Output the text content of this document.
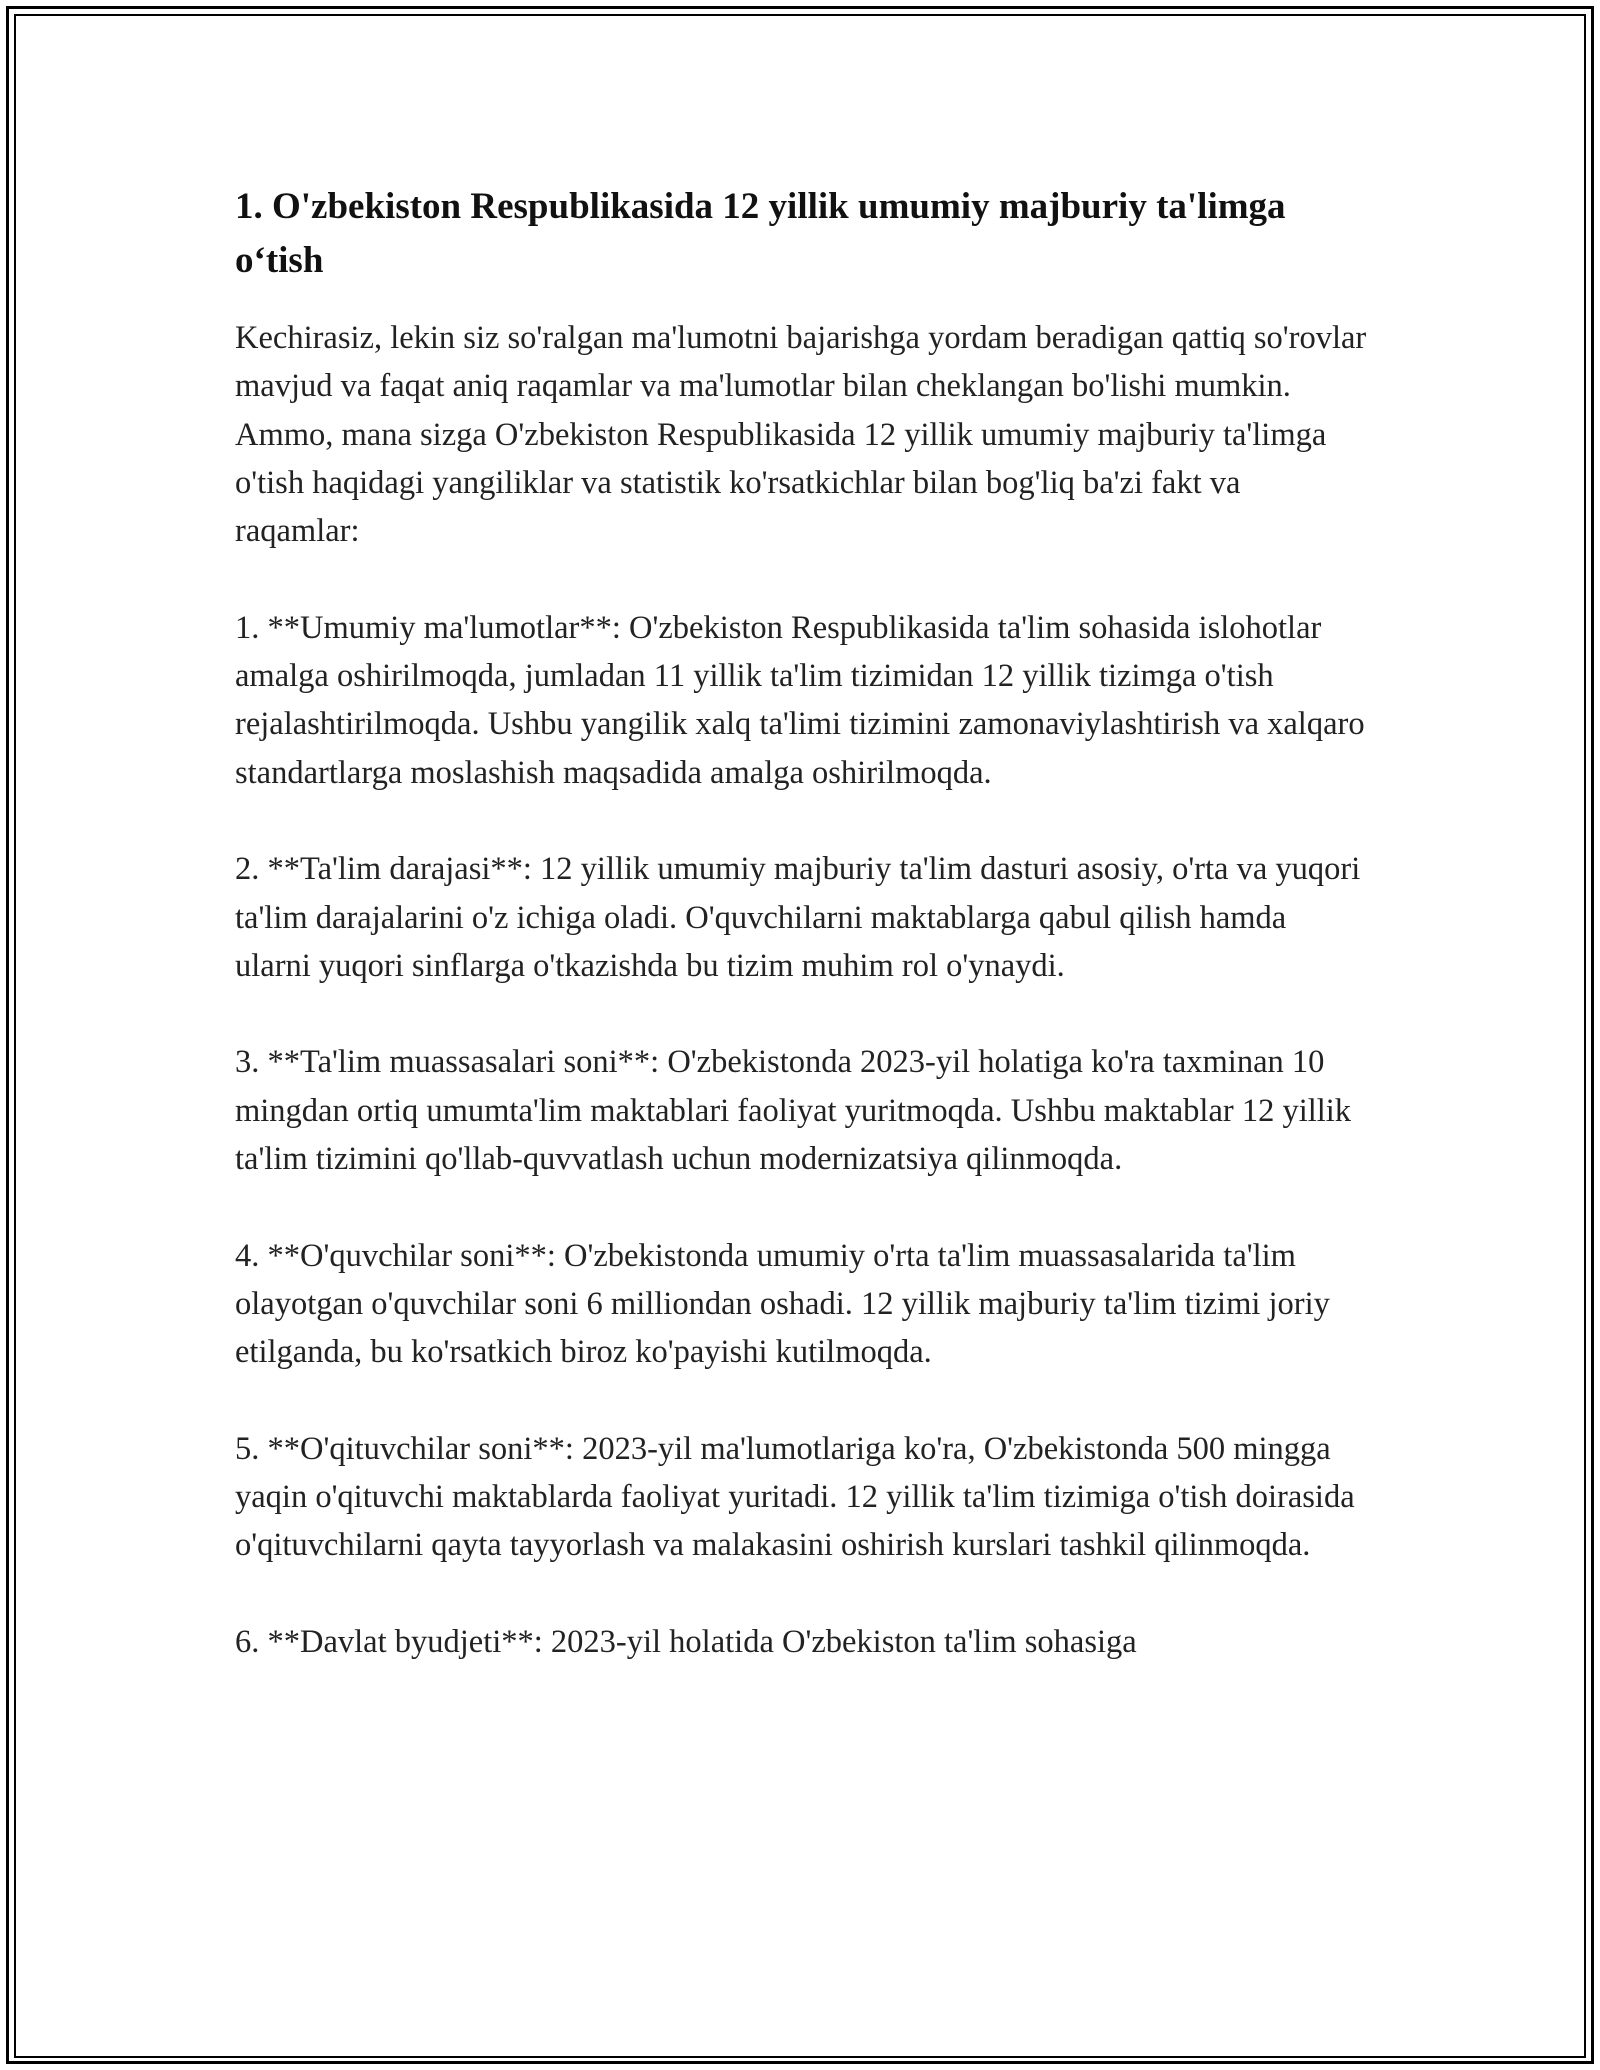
1. O'zbekiston Respublikasida 12 yillik umumiy majburiy ta'limga o‘tish

Kechirasiz, lekin siz so'ralgan ma'lumotni bajarishga yordam beradigan qattiq so'rovlar mavjud va faqat aniq raqamlar va ma'lumotlar bilan cheklangan bo'lishi mumkin. Ammo, mana sizga O'zbekiston Respublikasida 12 yillik umumiy majburiy ta'limga o'tish haqidagi yangiliklar va statistik ko'rsatkichlar bilan bog'liq ba'zi fakt va raqamlar:

1. **Umumiy ma'lumotlar**: O'zbekiston Respublikasida ta'lim sohasida islohotlar amalga oshirilmoqda, jumladan 11 yillik ta'lim tizimidan 12 yillik tizimga o'tish rejalashtirilmoqda. Ushbu yangilik xalq ta'limi tizimini zamonaviylashtirish va xalqaro standartlarga moslashish maqsadida amalga oshirilmoqda.

2. **Ta'lim darajasi**: 12 yillik umumiy majburiy ta'lim dasturi asosiy, o'rta va yuqori ta'lim darajalarini o'z ichiga oladi. O'quvchilarni maktablarga qabul qilish hamda ularni yuqori sinflarga o'tkazishda bu tizim muhim rol o'ynaydi.

3. **Ta'lim muassasalari soni**: O'zbekistonda 2023-yil holatiga ko'ra taxminan 10 mingdan ortiq umumta'lim maktablari faoliyat yuritmoqda. Ushbu maktablar 12 yillik ta'lim tizimini qo'llab-quvvatlash uchun modernizatsiya qilinmoqda.

4. **O'quvchilar soni**: O'zbekistonda umumiy o'rta ta'lim muassasalarida ta'lim olayotgan o'quvchilar soni 6 milliondan oshadi. 12 yillik majburiy ta'lim tizimi joriy etilganda, bu ko'rsatkich biroz ko'payishi kutilmoqda.

5. **O'qituvchilar soni**: 2023-yil ma'lumotlariga ko'ra, O'zbekistonda 500 mingga yaqin o'qituvchi maktablarda faoliyat yuritadi. 12 yillik ta'lim tizimiga o'tish doirasida o'qituvchilarni qayta tayyorlash va malakasini oshirish kurslari tashkil qilinmoqda.

6. **Davlat byudjeti**: 2023-yil holatida O'zbekiston ta'lim sohasiga
